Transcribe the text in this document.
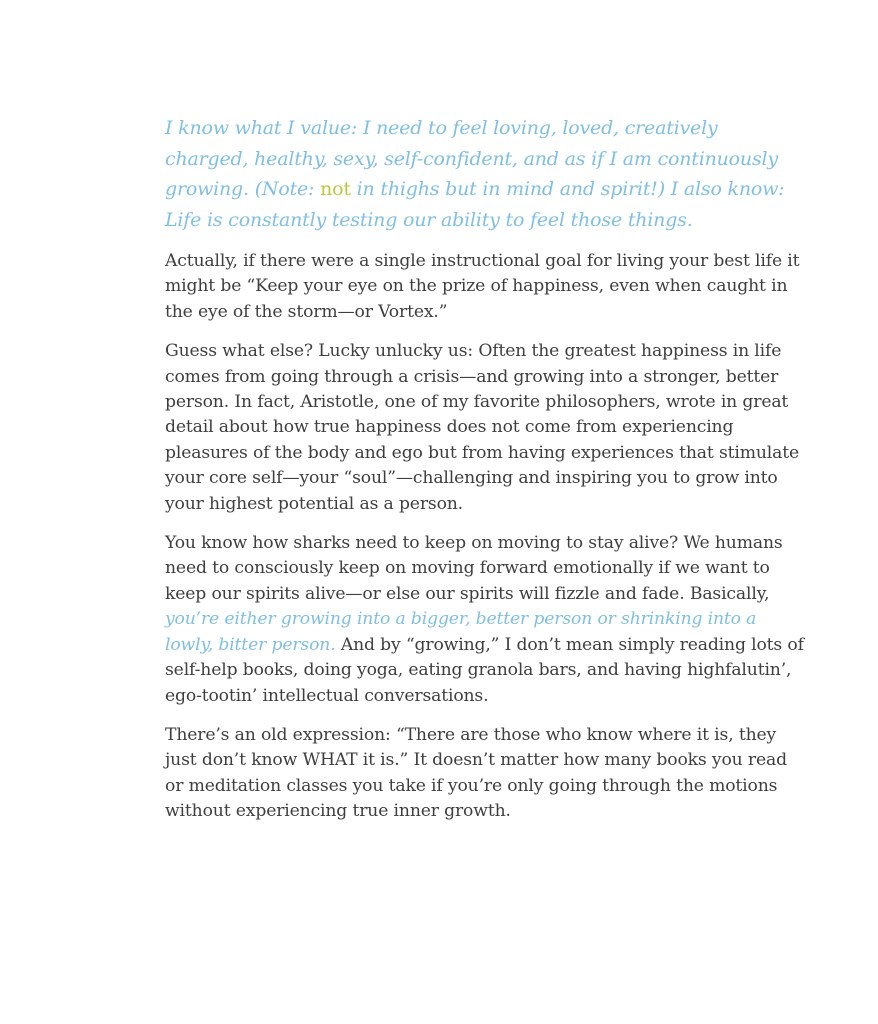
I know what I value: I need to feel loving, loved, creatively charged, healthy, sexy, self-confident, and as if I am continuously growing. (Note: not in thighs but in mind and spirit!) I also know: Life is constantly testing our ability to feel those things.

Actually, if there were a single instructional goal for living your best life it might be “Keep your eye on the prize of happiness, even when caught in the eye of the storm—or Vortex.”

Guess what else? Lucky unlucky us: Often the greatest happiness in life comes from going through a crisis—and growing into a stronger, better person. In fact, Aristotle, one of my favorite philosophers, wrote in great detail about how true happiness does not come from experiencing pleasures of the body and ego but from having experiences that stimulate your core self—your “soul”—challenging and inspiring you to grow into your highest potential as a person.

You know how sharks need to keep on moving to stay alive? We humans need to consciously keep on moving forward emotionally if we want to keep our spirits alive—or else our spirits will fizzle and fade. Basically, you’re either growing into a bigger, better person or shrinking into a lowly, bitter person. And by “growing,” I don’t mean simply reading lots of self-help books, doing yoga, eating granola bars, and having highfalutin’, ego-tootin’ intellectual conversations.

There’s an old expression: “There are those who know where it is, they just don’t know WHAT it is.” It doesn’t matter how many books you read or meditation classes you take if you’re only going through the motions without experiencing true inner growth.
